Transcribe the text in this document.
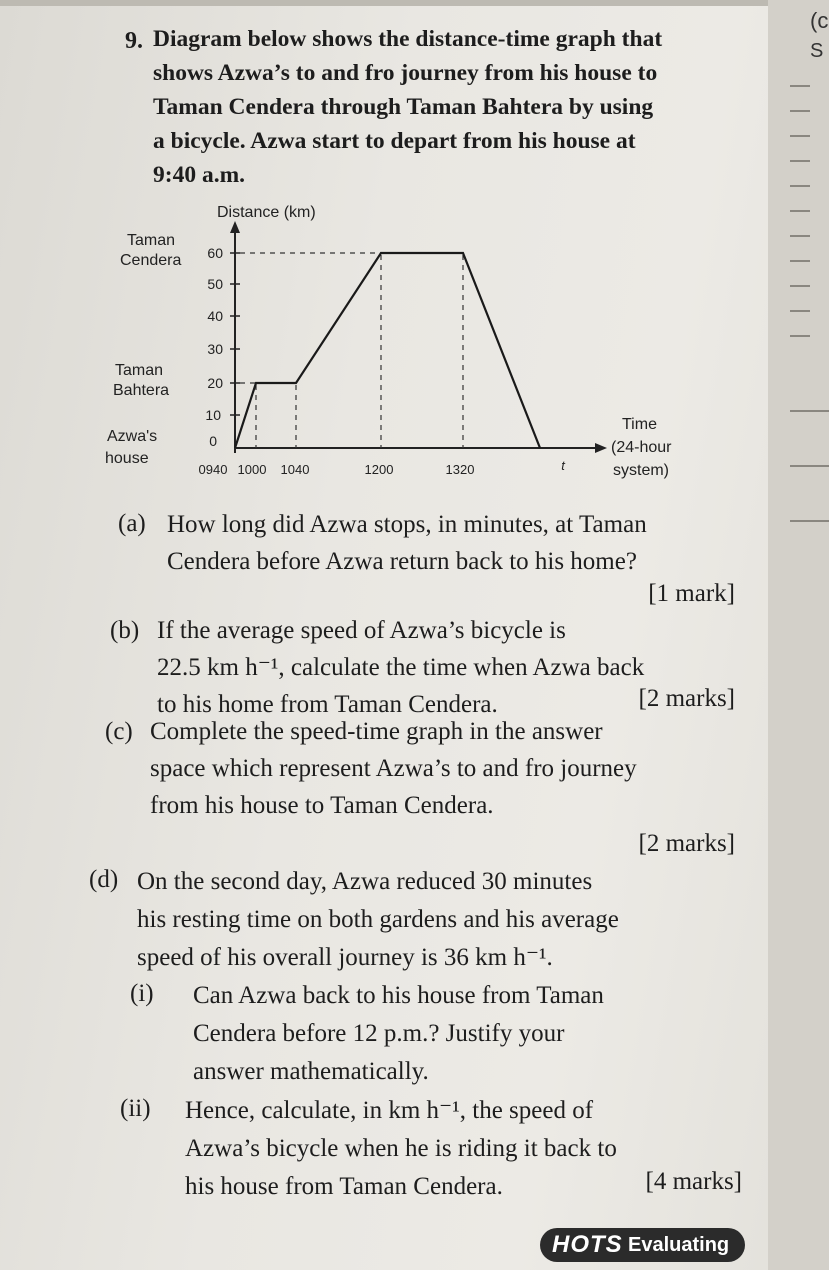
(c
S
9. Diagram below shows the distance-time graph that
shows Azwa’s to and fro journey from his house to
Taman Cendera through Taman Bahtera by using
a bicycle. Azwa start to depart from his house at
9:40 a.m.
60
50
40
30
20
10
0
0940 1000 1040	1200	1320	t
Distance (km)
Time
(24-hour
system)
Taman
Cendera
Taman
Bahtera
Azwa's
house
(a) How long did Azwa stops, in minutes, at Taman
Cendera before Azwa return back to his home?
[1 mark]
(b) If the average speed of Azwa’s bicycle is
22.5 km h⁻¹, calculate the time when Azwa back
to his home from Taman Cendera.	[2 marks]
(c) Complete the speed-time graph in the answer
space which represent Azwa’s to and fro journey
from his house to Taman Cendera.
[2 marks]
(d) On the second day, Azwa reduced 30 minutes
his resting time on both gardens and his average
speed of his overall journey is 36 km h⁻¹.
(i) Can Azwa back to his house from Taman
Cendera before 12 p.m.? Justify your
answer mathematically.
(ii) Hence, calculate, in km h⁻¹, the speed of
Azwa’s bicycle when he is riding it back to
his house from Taman Cendera.	[4 marks]
HOTS Evaluating
